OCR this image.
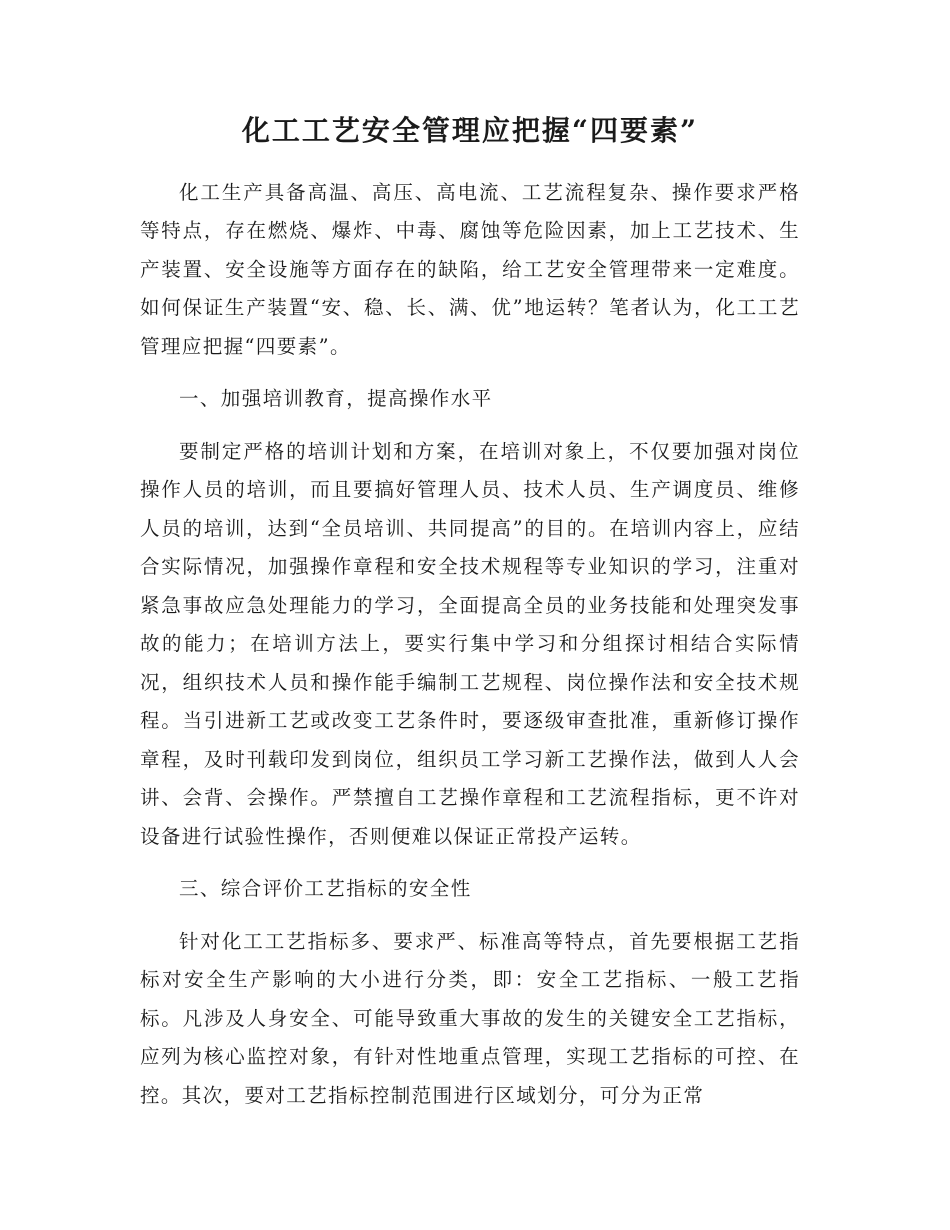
化工工艺安全管理应把握“四要素”

化工生产具备高温、高压、高电流、工艺流程复杂、操作要求严格等特点，存在燃烧、爆炸、中毒、腐蚀等危险因素，加上工艺技术、生产装置、安全设施等方面存在的缺陷，给工艺安全管理带来一定难度。如何保证生产装置“安、稳、长、满、优”地运转？笔者认为，化工工艺管理应把握“四要素”。

一、加强培训教育，提高操作水平

要制定严格的培训计划和方案，在培训对象上，不仅要加强对岗位操作人员的培训，而且要搞好管理人员、技术人员、生产调度员、维修人员的培训，达到“全员培训、共同提高”的目的。在培训内容上，应结合实际情况，加强操作章程和安全技术规程等专业知识的学习，注重对紧急事故应急处理能力的学习，全面提高全员的业务技能和处理突发事故的能力；在培训方法上，要实行集中学习和分组探讨相结合实际情况，组织技术人员和操作能手编制工艺规程、岗位操作法和安全技术规程。当引进新工艺或改变工艺条件时，要逐级审查批准，重新修订操作章程，及时刊载印发到岗位，组织员工学习新工艺操作法，做到人人会讲、会背、会操作。严禁擅自工艺操作章程和工艺流程指标，更不许对设备进行试验性操作，否则便难以保证正常投产运转。

三、综合评价工艺指标的安全性

针对化工工艺指标多、要求严、标准高等特点，首先要根据工艺指标对安全生产影响的大小进行分类，即：安全工艺指标、一般工艺指标。凡涉及人身安全、可能导致重大事故的发生的关键安全工艺指标，应列为核心监控对象，有针对性地重点管理，实现工艺指标的可控、在控。其次，要对工艺指标控制范围进行区域划分，可分为正常
